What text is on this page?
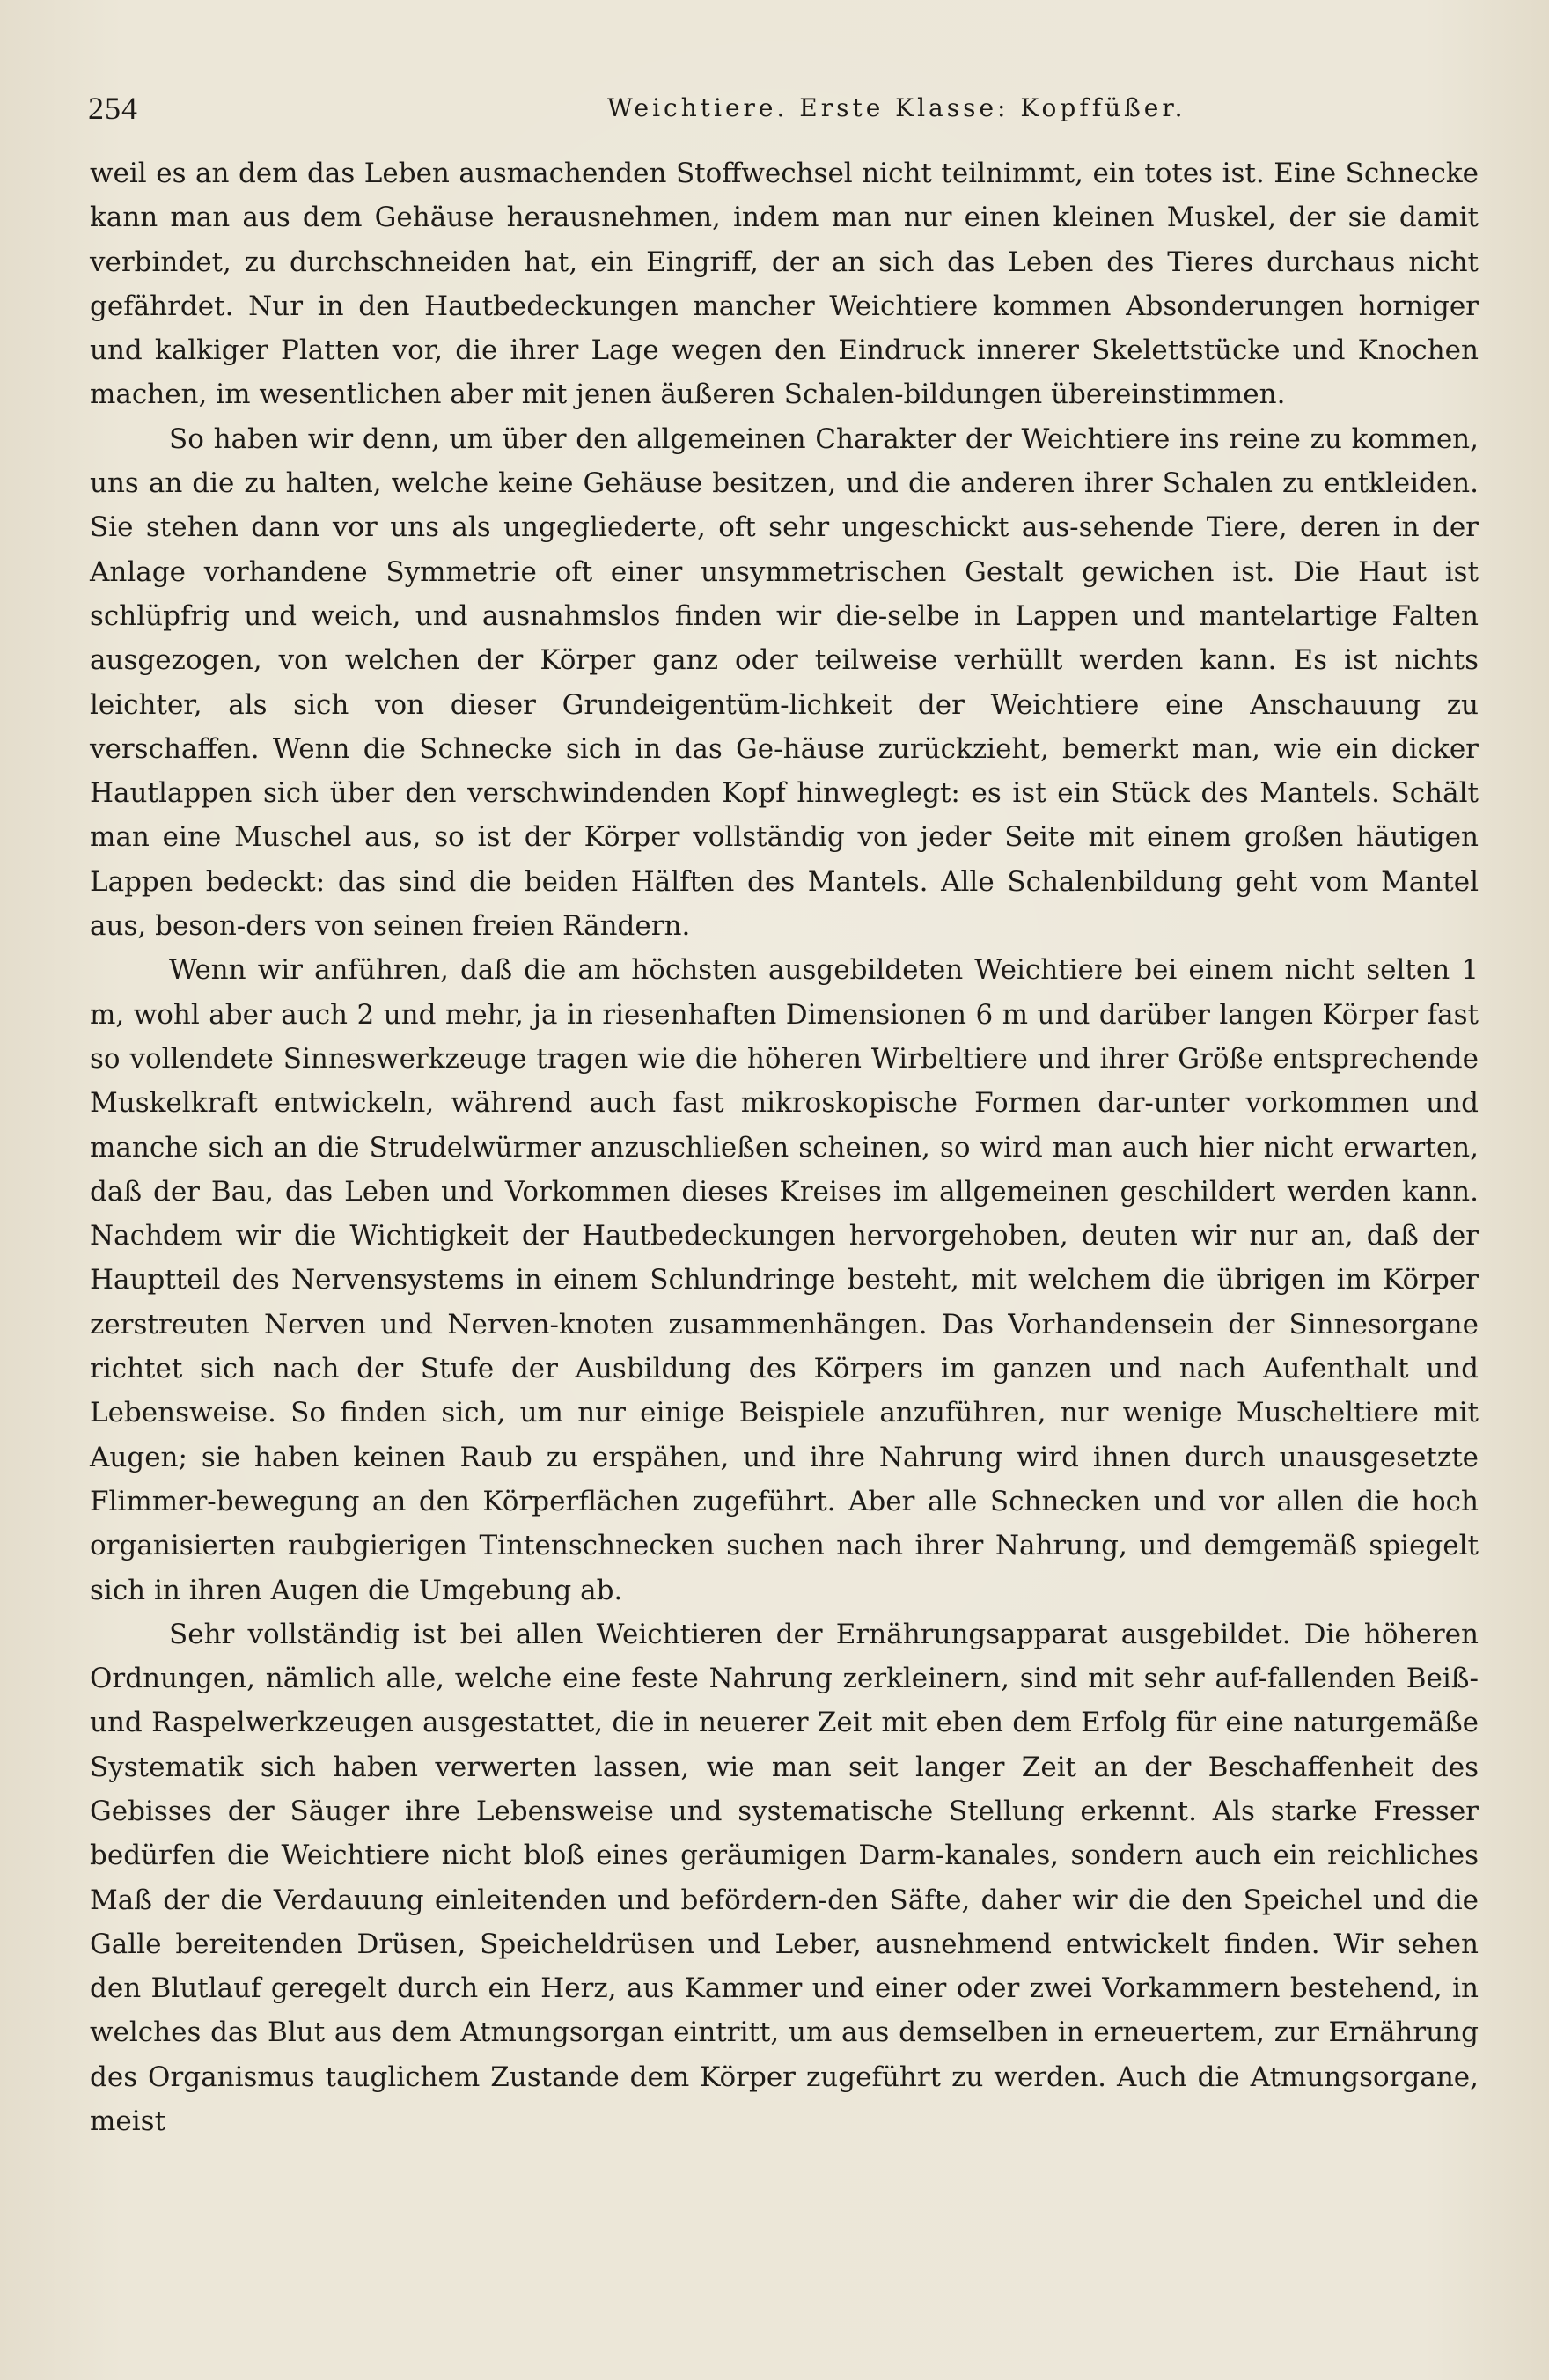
254	Weichtiere. Erste Klasse: Kopffüßer.

weil es an dem das Leben ausmachenden Stoffwechsel nicht teilnimmt, ein totes ist. Eine Schnecke kann man aus dem Gehäuse herausnehmen, indem man nur einen kleinen Muskel, der sie damit verbindet, zu durchschneiden hat, ein Eingriff, der an sich das Leben des Tieres durchaus nicht gefährdet. Nur in den Hautbedeckungen mancher Weichtiere kommen Absonderungen horniger und kalkiger Platten vor, die ihrer Lage wegen den Eindruck innerer Skelettstücke und Knochen machen, im wesentlichen aber mit jenen äußeren Schalen-bildungen übereinstimmen.

So haben wir denn, um über den allgemeinen Charakter der Weichtiere ins reine zu kommen, uns an die zu halten, welche keine Gehäuse besitzen, und die anderen ihrer Schalen zu entkleiden. Sie stehen dann vor uns als ungegliederte, oft sehr ungeschickt aus-sehende Tiere, deren in der Anlage vorhandene Symmetrie oft einer unsymmetrischen Gestalt gewichen ist. Die Haut ist schlüpfrig und weich, und ausnahmslos finden wir die-selbe in Lappen und mantelartige Falten ausgezogen, von welchen der Körper ganz oder teilweise verhüllt werden kann. Es ist nichts leichter, als sich von dieser Grundeigentüm-lichkeit der Weichtiere eine Anschauung zu verschaffen. Wenn die Schnecke sich in das Ge-häuse zurückzieht, bemerkt man, wie ein dicker Hautlappen sich über den verschwindenden Kopf hinweglegt: es ist ein Stück des Mantels. Schält man eine Muschel aus, so ist der Körper vollständig von jeder Seite mit einem großen häutigen Lappen bedeckt: das sind die beiden Hälften des Mantels. Alle Schalenbildung geht vom Mantel aus, beson-ders von seinen freien Rändern.

Wenn wir anführen, daß die am höchsten ausgebildeten Weichtiere bei einem nicht selten 1 m, wohl aber auch 2 und mehr, ja in riesenhaften Dimensionen 6 m und darüber langen Körper fast so vollendete Sinneswerkzeuge tragen wie die höheren Wirbeltiere und ihrer Größe entsprechende Muskelkraft entwickeln, während auch fast mikroskopische Formen dar-unter vorkommen und manche sich an die Strudelwürmer anzuschließen scheinen, so wird man auch hier nicht erwarten, daß der Bau, das Leben und Vorkommen dieses Kreises im allgemeinen geschildert werden kann. Nachdem wir die Wichtigkeit der Hautbedeckungen hervorgehoben, deuten wir nur an, daß der Hauptteil des Nervensystems in einem Schlundringe besteht, mit welchem die übrigen im Körper zerstreuten Nerven und Nerven-knoten zusammenhängen. Das Vorhandensein der Sinnesorgane richtet sich nach der Stufe der Ausbildung des Körpers im ganzen und nach Aufenthalt und Lebensweise. So finden sich, um nur einige Beispiele anzuführen, nur wenige Muscheltiere mit Augen; sie haben keinen Raub zu erspähen, und ihre Nahrung wird ihnen durch unausgesetzte Flimmer-bewegung an den Körperflächen zugeführt. Aber alle Schnecken und vor allen die hoch organisierten raubgierigen Tintenschnecken suchen nach ihrer Nahrung, und demgemäß spiegelt sich in ihren Augen die Umgebung ab.

Sehr vollständig ist bei allen Weichtieren der Ernährungsapparat ausgebildet. Die höheren Ordnungen, nämlich alle, welche eine feste Nahrung zerkleinern, sind mit sehr auf-fallenden Beiß- und Raspelwerkzeugen ausgestattet, die in neuerer Zeit mit eben dem Erfolg für eine naturgemäße Systematik sich haben verwerten lassen, wie man seit langer Zeit an der Beschaffenheit des Gebisses der Säuger ihre Lebensweise und systematische Stellung erkennt. Als starke Fresser bedürfen die Weichtiere nicht bloß eines geräumigen Darm-kanales, sondern auch ein reichliches Maß der die Verdauung einleitenden und befördern-den Säfte, daher wir die den Speichel und die Galle bereitenden Drüsen, Speicheldrüsen und Leber, ausnehmend entwickelt finden. Wir sehen den Blutlauf geregelt durch ein Herz, aus Kammer und einer oder zwei Vorkammern bestehend, in welches das Blut aus dem Atmungsorgan eintritt, um aus demselben in erneuertem, zur Ernährung des Organismus tauglichem Zustande dem Körper zugeführt zu werden. Auch die Atmungsorgane, meist
